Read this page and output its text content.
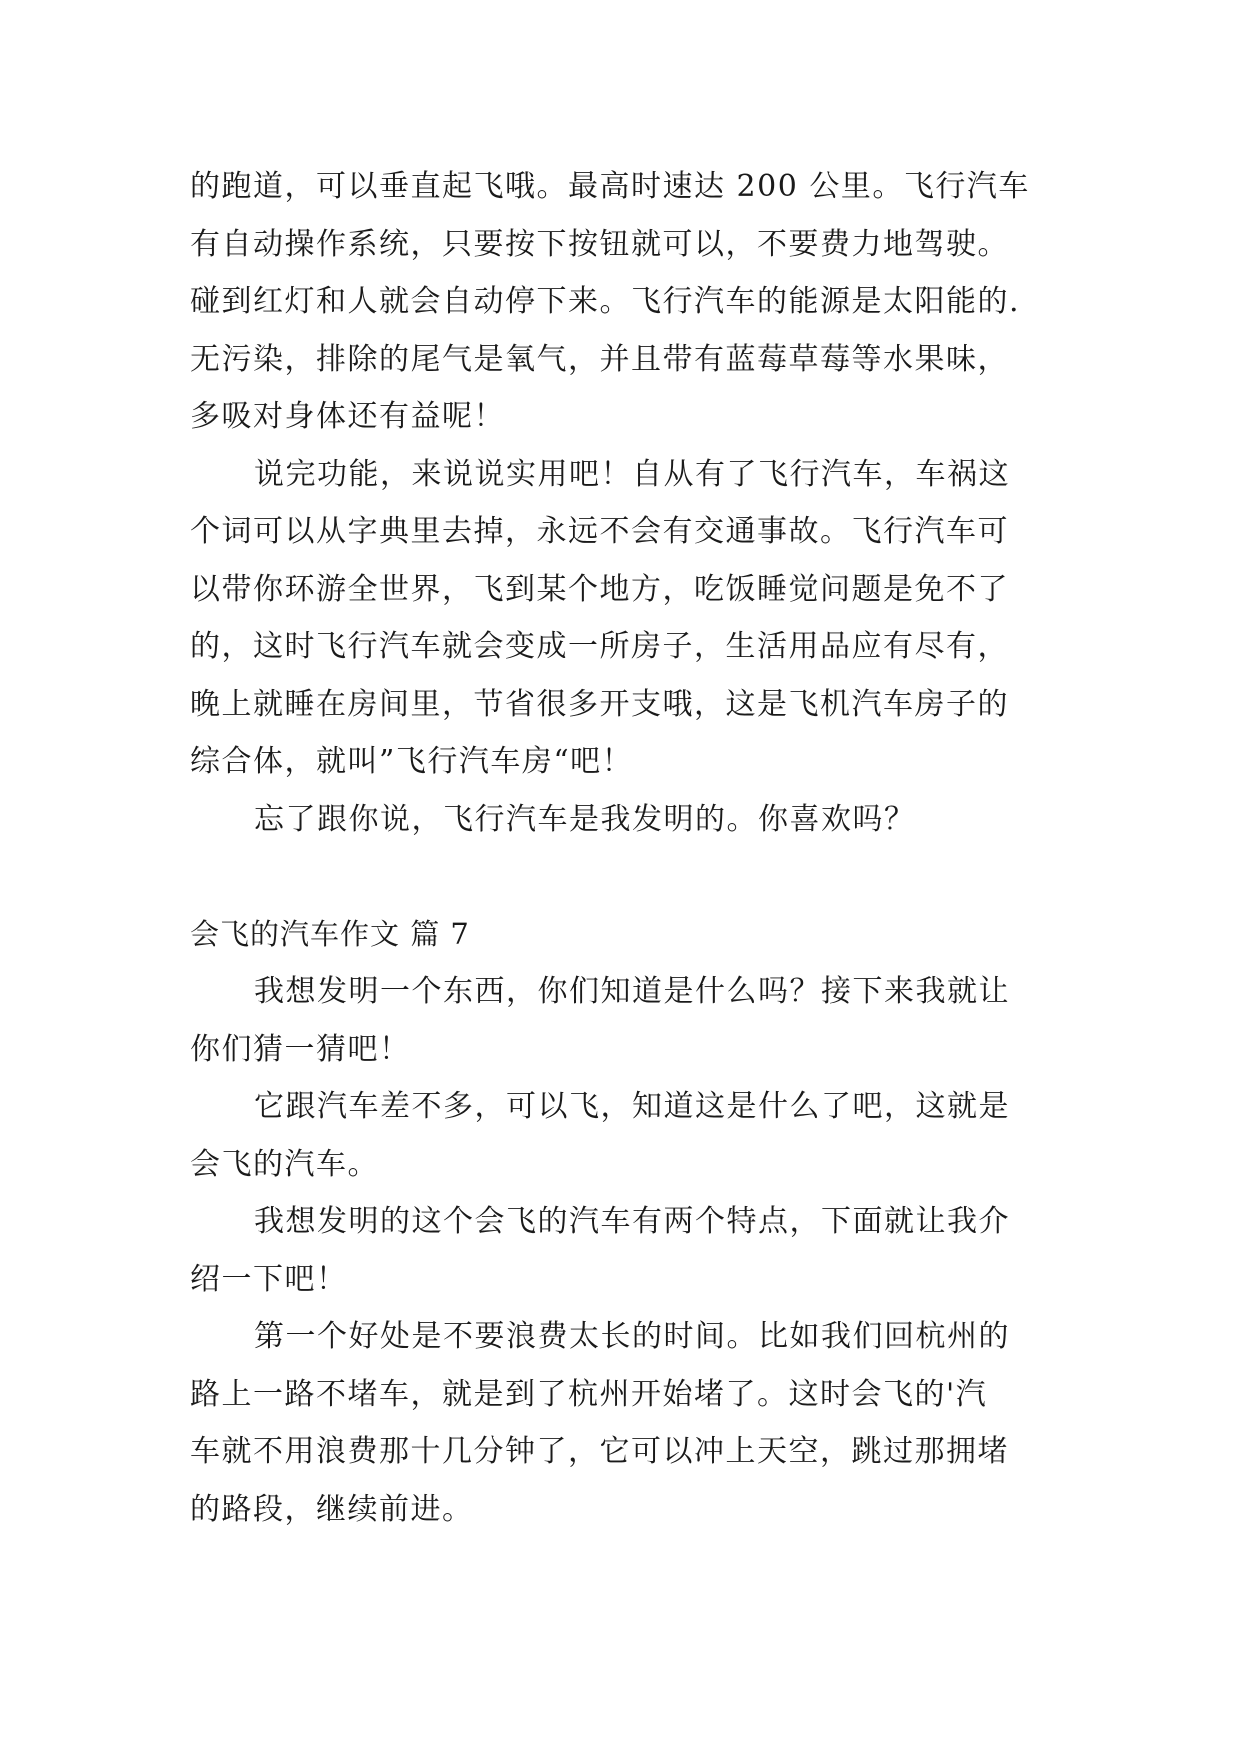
的跑道，可以垂直起飞哦。最高时速达 200 公里。飞行汽车
有自动操作系统，只要按下按钮就可以，不要费力地驾驶。
碰到红灯和人就会自动停下来。飞行汽车的能源是太阳能的.
无污染，排除的尾气是氧气，并且带有蓝莓草莓等水果味，
多吸对身体还有益呢！
说完功能，来说说实用吧！自从有了飞行汽车，车祸这
个词可以从字典里去掉，永远不会有交通事故。飞行汽车可
以带你环游全世界，飞到某个地方，吃饭睡觉问题是免不了
的，这时飞行汽车就会变成一所房子，生活用品应有尽有，
晚上就睡在房间里，节省很多开支哦，这是飞机汽车房子的
综合体，就叫”飞行汽车房“吧！
忘了跟你说，飞行汽车是我发明的。你喜欢吗？
会飞的汽车作文 篇 7
我想发明一个东西，你们知道是什么吗？接下来我就让
你们猜一猜吧！
它跟汽车差不多，可以飞，知道这是什么了吧，这就是
会飞的汽车。
我想发明的这个会飞的汽车有两个特点，下面就让我介
绍一下吧！
第一个好处是不要浪费太长的时间。比如我们回杭州的
路上一路不堵车，就是到了杭州开始堵了。这时会飞的'汽
车就不用浪费那十几分钟了，它可以冲上天空，跳过那拥堵
的路段，继续前进。
